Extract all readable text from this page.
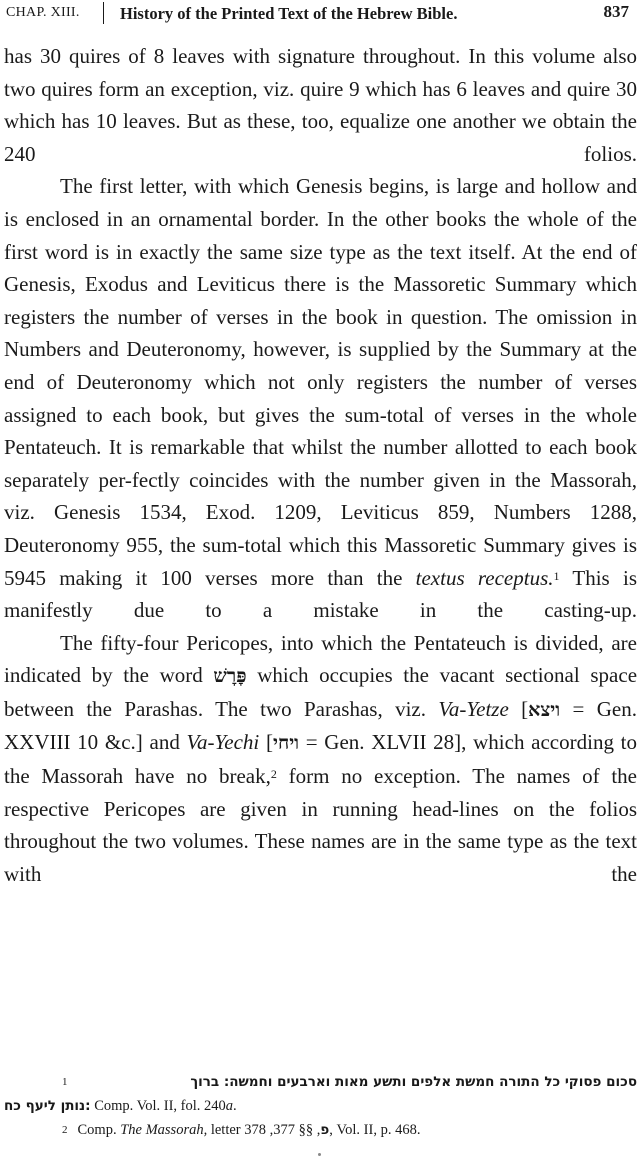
CHAP. XIII. History of the Printed Text of the Hebrew Bible.	837

has 30 quires of 8 leaves with signature throughout. In this volume also two quires form an exception, viz. quire 9 which has 6 leaves and quire 30 which has 10 leaves. But as these, too, equalize one another we obtain the 240 folios.

The first letter, with which Genesis begins, is large and hollow and is enclosed in an ornamental border. In the other books the whole of the first word is in exactly the same size type as the text itself. At the end of Genesis, Exodus and Leviticus there is the Massoretic Summary which registers the number of verses in the book in question. The omission in Numbers and Deuteronomy, however, is supplied by the Summary at the end of Deuteronomy which not only registers the number of verses assigned to each book, but gives the sum-total of verses in the whole Pentateuch. It is remarkable that whilst the number allotted to each book separately per-fectly coincides with the number given in the Massorah, viz. Genesis 1534, Exod. 1209, Leviticus 859, Numbers 1288, Deuteronomy 955, the sum-total which this Massoretic Summary gives is 5945 making it 100 verses more than the textus receptus.$^1$ This is manifestly due to a mistake in the casting-up.

The fifty-four Pericopes, into which the Pentateuch is divided, are indicated by the word פׇּרׇשׁ which occupies the vacant sectional space between the Parashas. The two Parashas, viz. Va-Yetze [ויצא = Gen. XXVIII 10 &c.] and Va-Yechi [ויחי = Gen. XLVII 28], which according to the Massorah have no break,$^2$ form no exception. The names of the respective Pericopes are given in running head-lines on the folios throughout the two volumes. These names are in the same type as the text with the

1	סכום פסוקי כל התורה חמשת אלפים ותשע מאות וארבעים וחמשה: ברוך
נותן ליעף כח: Comp. Vol. II, fol. 240a.
$^2$ Comp. The Massorah, letter	פ, §§ 377, 378, Vol. II, p. 468.
